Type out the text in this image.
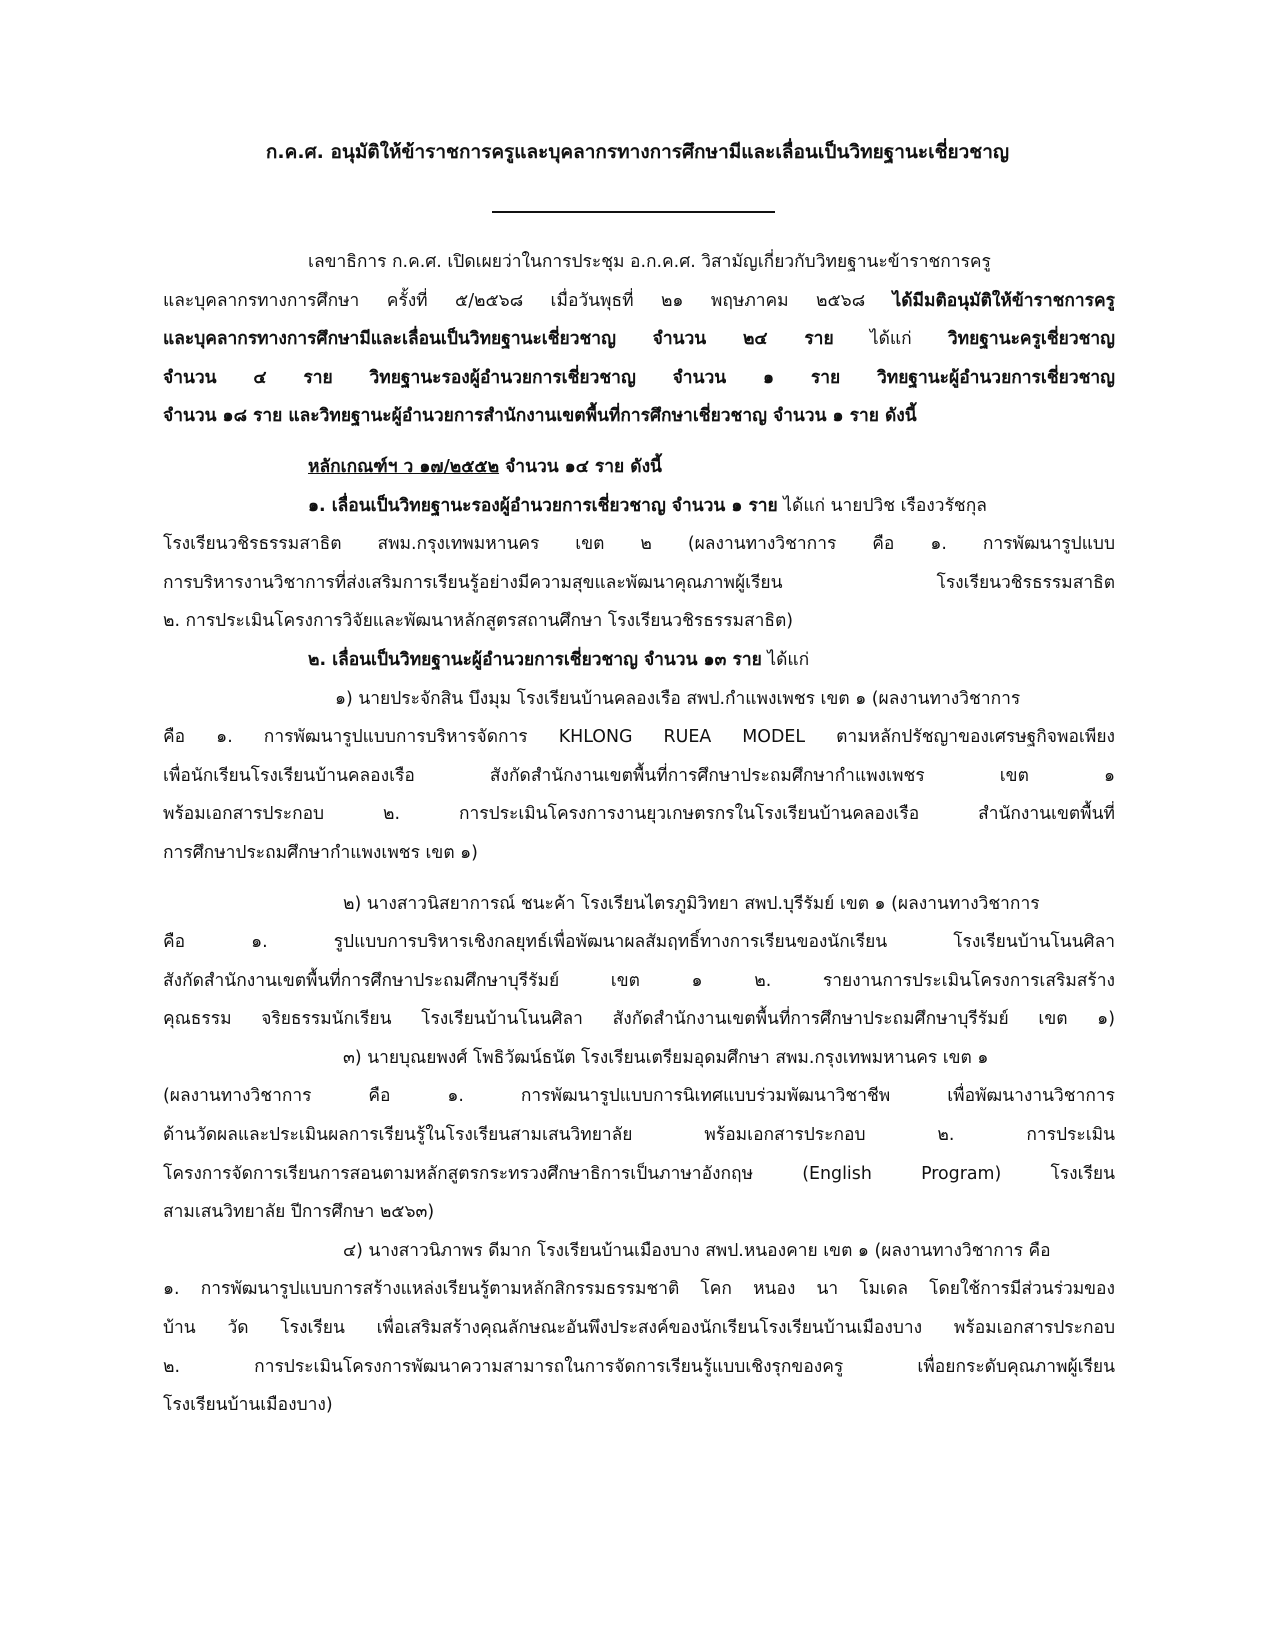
ก.ค.ศ. อนุมัติให้ข้าราชการครูและบุคลากรทางการศึกษามีและเลื่อนเป็นวิทยฐานะเชี่ยวชาญ
เลขาธิการ ก.ค.ศ. เปิดเผยว่าในการประชุม อ.ก.ค.ศ. วิสามัญเกี่ยวกับวิทยฐานะข้าราชการครู
และบุคลากรทางการศึกษา ครั้งที่ ๕/๒๕๖๘ เมื่อวันพุธที่ ๒๑ พฤษภาคม ๒๕๖๘ ได้มีมติอนุมัติให้ข้าราชการครู
และบุคลากรทางการศึกษามีและเลื่อนเป็นวิทยฐานะเชี่ยวชาญ จำนวน ๒๔ ราย ได้แก่ วิทยฐานะครูเชี่ยวชาญ
จำนวน ๔ ราย วิทยฐานะรองผู้อำนวยการเชี่ยวชาญ จำนวน ๑ ราย วิทยฐานะผู้อำนวยการเชี่ยวชาญ
จำนวน ๑๘ ราย และวิทยฐานะผู้อำนวยการสำนักงานเขตพื้นที่การศึกษาเชี่ยวชาญ จำนวน ๑ ราย ดังนี้
หลักเกณฑ์ฯ ว ๑๗/๒๕๕๒ จำนวน ๑๔ ราย ดังนี้
๑. เลื่อนเป็นวิทยฐานะรองผู้อำนวยการเชี่ยวชาญ จำนวน ๑ ราย ได้แก่ นายปวิช เรืองวรัชกุล
โรงเรียนวชิรธรรมสาธิต สพม.กรุงเทพมหานคร เขต ๒ (ผลงานทางวิชาการ คือ ๑. การพัฒนารูปแบบ
การบริหารงานวิชาการที่ส่งเสริมการเรียนรู้อย่างมีความสุขและพัฒนาคุณภาพผู้เรียน โรงเรียนวชิรธรรมสาธิต
๒. การประเมินโครงการวิจัยและพัฒนาหลักสูตรสถานศึกษา โรงเรียนวชิรธรรมสาธิต)
๒. เลื่อนเป็นวิทยฐานะผู้อำนวยการเชี่ยวชาญ จำนวน ๑๓ ราย ได้แก่
๑) นายประจักสิน บึงมุม โรงเรียนบ้านคลองเรือ สพป.กำแพงเพชร เขต ๑ (ผลงานทางวิชาการ
คือ ๑. การพัฒนารูปแบบการบริหารจัดการ KHLONG RUEA MODEL ตามหลักปรัชญาของเศรษฐกิจพอเพียง
เพื่อนักเรียนโรงเรียนบ้านคลองเรือ สังกัดสำนักงานเขตพื้นที่การศึกษาประถมศึกษากำแพงเพชร เขต ๑
พร้อมเอกสารประกอบ ๒. การประเมินโครงการงานยุวเกษตรกรในโรงเรียนบ้านคลองเรือ สำนักงานเขตพื้นที่
การศึกษาประถมศึกษากำแพงเพชร เขต ๑)
๒) นางสาวนิสยาการณ์ ชนะค้า โรงเรียนไตรภูมิวิทยา สพป.บุรีรัมย์ เขต ๑ (ผลงานทางวิชาการ
คือ ๑. รูปแบบการบริหารเชิงกลยุทธ์เพื่อพัฒนาผลสัมฤทธิ์ทางการเรียนของนักเรียน โรงเรียนบ้านโนนศิลา
สังกัดสำนักงานเขตพื้นที่การศึกษาประถมศึกษาบุรีรัมย์ เขต ๑ ๒. รายงานการประเมินโครงการเสริมสร้าง
คุณธรรม จริยธรรมนักเรียน โรงเรียนบ้านโนนศิลา สังกัดสำนักงานเขตพื้นที่การศึกษาประถมศึกษาบุรีรัมย์ เขต ๑)
๓) นายบุณยพงศ์ โพธิวัฒน์ธนัต โรงเรียนเตรียมอุดมศึกษา สพม.กรุงเทพมหานคร เขต ๑
(ผลงานทางวิชาการ คือ ๑. การพัฒนารูปแบบการนิเทศแบบร่วมพัฒนาวิชาชีพ เพื่อพัฒนางานวิชาการ
ด้านวัดผลและประเมินผลการเรียนรู้ในโรงเรียนสามเสนวิทยาลัย พร้อมเอกสารประกอบ ๒. การประเมิน
โครงการจัดการเรียนการสอนตามหลักสูตรกระทรวงศึกษาธิการเป็นภาษาอังกฤษ (English Program) โรงเรียน
สามเสนวิทยาลัย ปีการศึกษา ๒๕๖๓)
๔) นางสาวนิภาพร ดีมาก โรงเรียนบ้านเมืองบาง สพป.หนองคาย เขต ๑ (ผลงานทางวิชาการ คือ
๑. การพัฒนารูปแบบการสร้างแหล่งเรียนรู้ตามหลักสิกรรมธรรมชาติ โคก หนอง นา โมเดล โดยใช้การมีส่วนร่วมของ
บ้าน วัด โรงเรียน เพื่อเสริมสร้างคุณลักษณะอันพึงประสงค์ของนักเรียนโรงเรียนบ้านเมืองบาง พร้อมเอกสารประกอบ
๒. การประเมินโครงการพัฒนาความสามารถในการจัดการเรียนรู้แบบเชิงรุกของครู เพื่อยกระดับคุณภาพผู้เรียน
โรงเรียนบ้านเมืองบาง)
